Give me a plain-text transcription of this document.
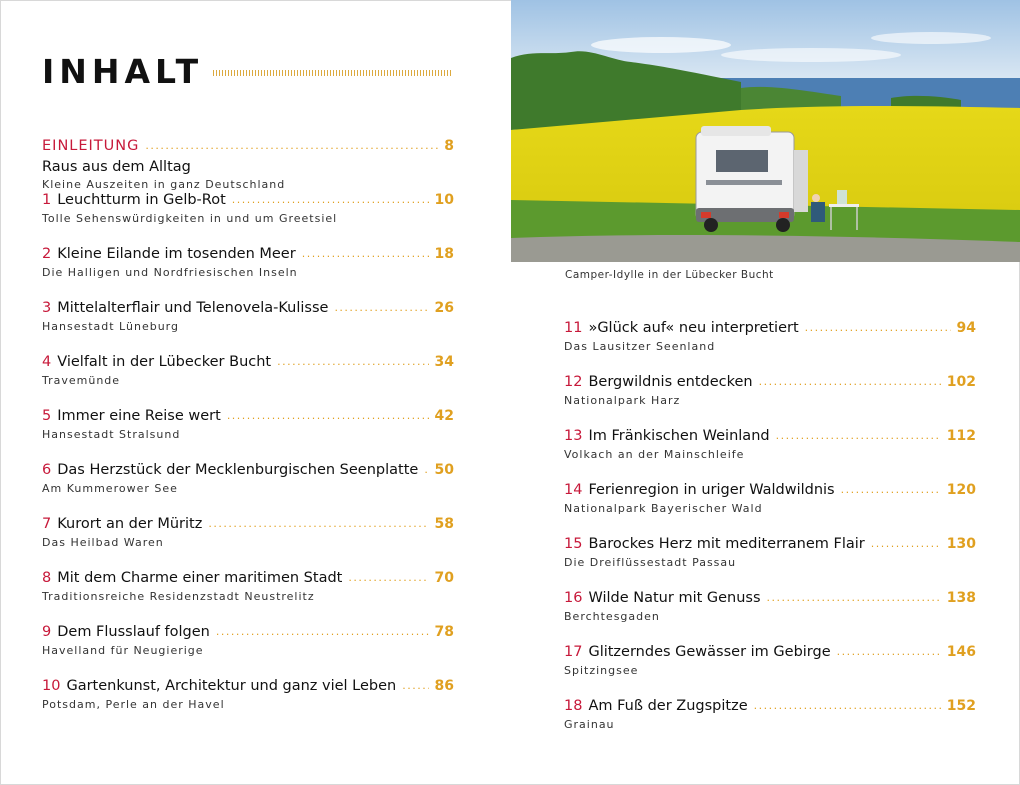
INHALT
EINLEITUNG .....	8
Raus aus dem Alltag
Kleine Auszeiten in ganz Deutschland
1 Leuchtturm in Gelb-Rot .....	10
Tolle Sehenswürdigkeiten in und um Greetsiel
2 Kleine Eilande im tosenden Meer .....	18
Die Halligen und Nordfriesischen Inseln
3 Mittelalterflair und Telenovela-Kulisse .....	26
Hansestadt Lüneburg
4 Vielfalt in der Lübecker Bucht .....	34
Travemünde
5 Immer eine Reise wert .....	42
Hansestadt Stralsund
6 Das Herzstück der Mecklenburgischen Seenplatte ..... 50
Am Kummerower See
7 Kurort an der Müritz .....	58
Das Heilbad Waren
8 Mit dem Charme einer maritimen Stadt .....	70
Traditionsreiche Residenzstadt Neustrelitz
9 Dem Flusslauf folgen .....	78
Havelland für Neugierige
10 Gartenkunst, Architektur und ganz viel Leben .....	86
Potsdam, Perle an der Havel
Camper-Idylle in der Lübecker Bucht
11 »Glück auf« neu interpretiert .....	94
Das Lausitzer Seenland
12 Bergwildnis entdecken .....	102
Nationalpark Harz
13 Im Fränkischen Weinland .....	112
Volkach an der Mainschleife
14 Ferienregion in uriger Waldwildnis .....	120
Nationalpark Bayerischer Wald
15 Barockes Herz mit mediterranem Flair .....	130
Die Dreiflüssestadt Passau
16 Wilde Natur mit Genuss .....	138
Berchtesgaden
17 Glitzerndes Gewässer im Gebirge .....	146
Spitzingsee
18 Am Fuß der Zugspitze .....	152
Grainau
